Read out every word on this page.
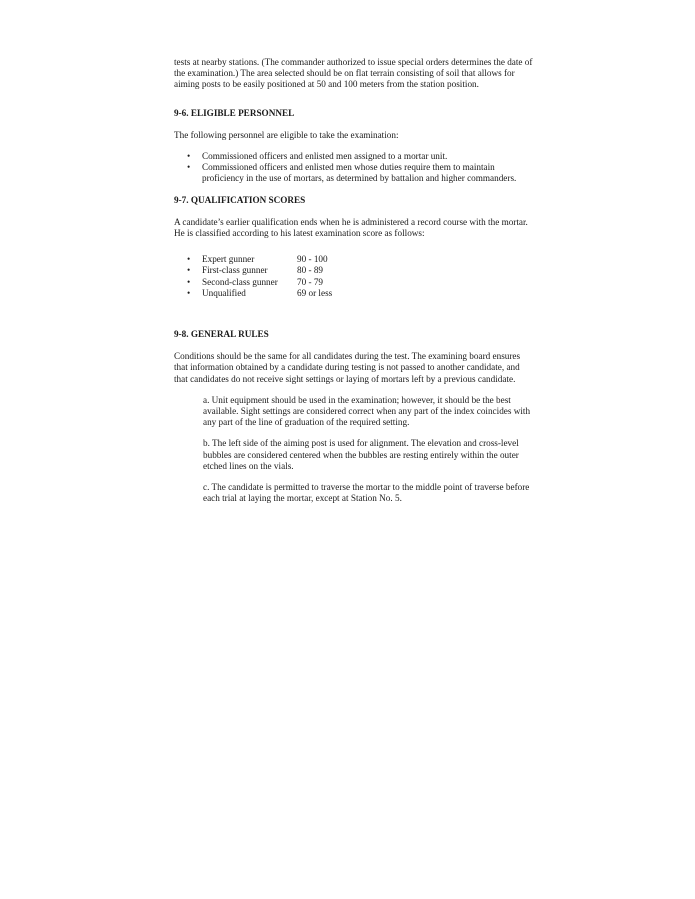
tests at nearby stations. (The commander authorized to issue special orders determines the date of the examination.) The area selected should be on flat terrain consisting of soil that allows for aiming posts to be easily positioned at 50 and 100 meters from the station position.

9-6. ELIGIBLE PERSONNEL

The following personnel are eligible to take the examination:

• Commissioned officers and enlisted men assigned to a mortar unit.
• Commissioned officers and enlisted men whose duties require them to maintain proficiency in the use of mortars, as determined by battalion and higher commanders.
9-7. QUALIFICATION SCORES

A candidate’s earlier qualification ends when he is administered a record course with the mortar. He is classified according to his latest examination score as follows:

• Expert gunner	90 - 100
• First-class gunner	80 - 89
• Second-class gunner	70 - 79
• Unqualified	69 or less
9-8. GENERAL RULES

Conditions should be the same for all candidates during the test. The examining board ensures that information obtained by a candidate during testing is not passed to another candidate, and that candidates do not receive sight settings or laying of mortars left by a previous candidate.

a. Unit equipment should be used in the examination; however, it should be the best available. Sight settings are considered correct when any part of the index coincides with any part of the line of graduation of the required setting.

b. The left side of the aiming post is used for alignment. The elevation and cross-level bubbles are considered centered when the bubbles are resting entirely within the outer etched lines on the vials.

c. The candidate is permitted to traverse the mortar to the middle point of traverse before each trial at laying the mortar, except at Station No. 5.
